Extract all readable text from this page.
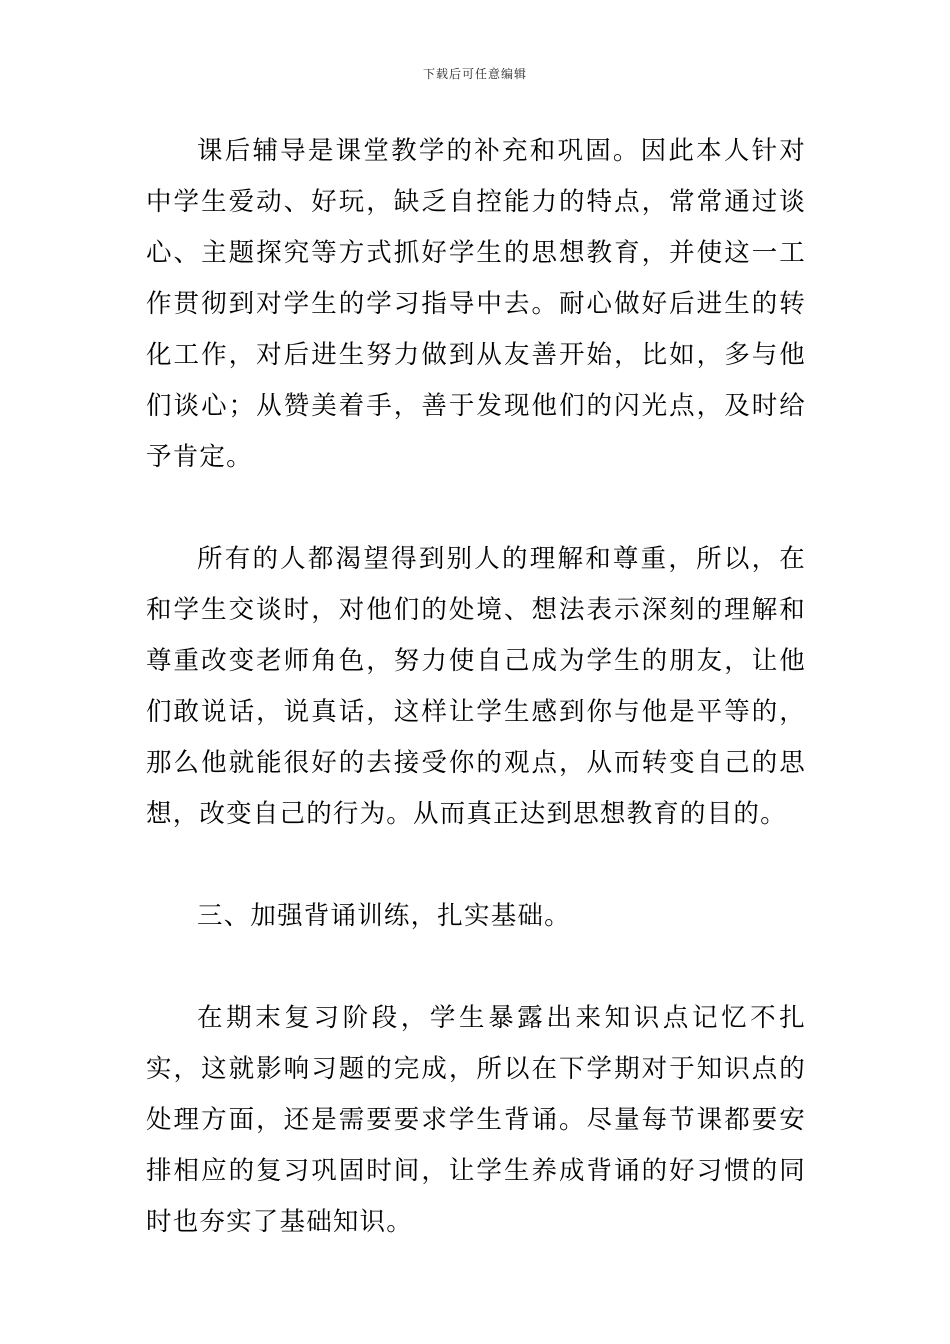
下载后可任意编辑

课后辅导是课堂教学的补充和巩固。因此本人针对中学生爱动、好玩，缺乏自控能力的特点，常常通过谈心、主题探究等方式抓好学生的思想教育，并使这一工作贯彻到对学生的学习指导中去。耐心做好后进生的转化工作，对后进生努力做到从友善开始，比如，多与他们谈心；从赞美着手，善于发现他们的闪光点，及时给予肯定。

所有的人都渴望得到别人的理解和尊重，所以，在和学生交谈时，对他们的处境、想法表示深刻的理解和尊重改变老师角色，努力使自己成为学生的朋友，让他们敢说话，说真话，这样让学生感到你与他是平等的，那么他就能很好的去接受你的观点，从而转变自己的思想，改变自己的行为。从而真正达到思想教育的目的。

三、加强背诵训练，扎实基础。

在期末复习阶段，学生暴露出来知识点记忆不扎实，这就影响习题的完成，所以在下学期对于知识点的处理方面，还是需要要求学生背诵。尽量每节课都要安排相应的复习巩固时间，让学生养成背诵的好习惯的同时也夯实了基础知识。
